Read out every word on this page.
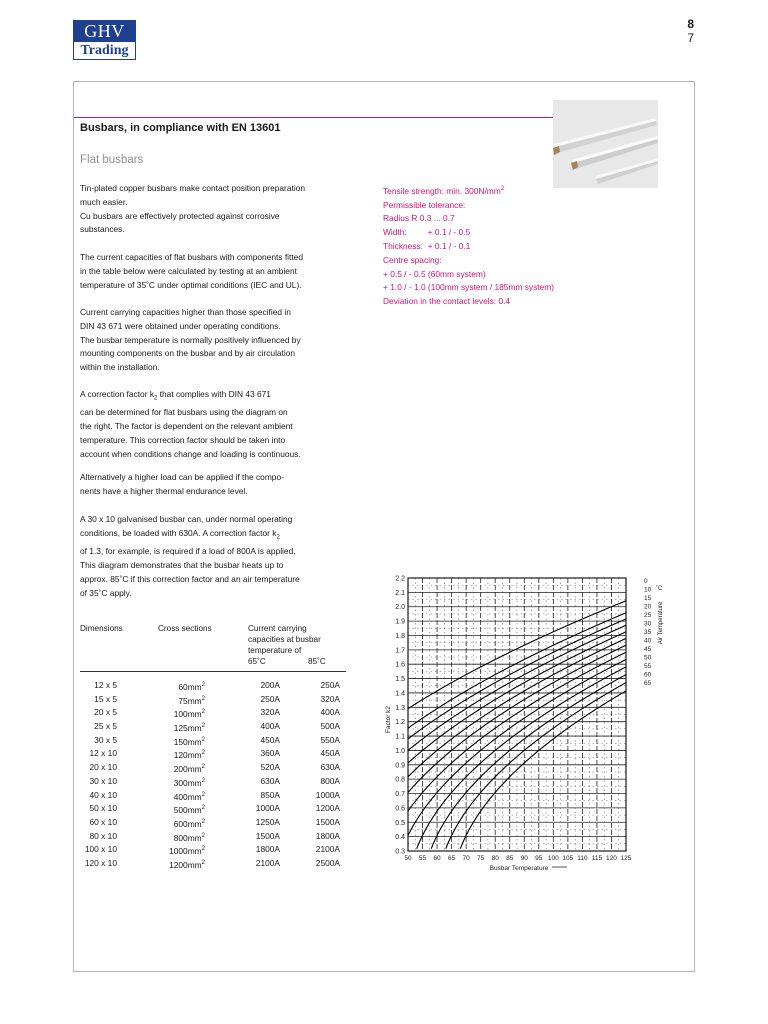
GHV
Trading
8
7
Busbars, in compliance with EN 13601
Flat busbars
Tin-plated copper busbars make contact position preparation
much easier.
Cu busbars are effectively protected against corrosive
substances.
The current capacities of flat busbars with components fitted
in the table below were calculated by testing at an ambient
temperature of 35˚C under optimal conditions (IEC and UL).
Current carrying capacities higher than those specified in
DIN 43 671 were obtained under operating conditions.
The busbar temperature is normally positively influenced by
mounting components on the busbar and by air circulation
within the installation.
A correction factor $k_2$ that complies with DIN 43 671
can be determined for flat busbars using the diagram on
the right. The factor is dependent on the relevant ambient
temperature. This correction factor should be taken into
account when conditions change and loading is continuous.
Alternatively a higher load can be applied if the compo-
nents have a higher thermal endurance level.
A 30 x 10 galvanised busbar can, under normal operating
conditions, be loaded with 630A. A correction factor $k_2$
of 1.3, for example, is required if a load of 800A is applied.
This diagram demonstrates that the busbar heats up to
approx. 85˚C if this correction factor and an air temperature
of 35˚C apply.
Tensile strength: min. $300N/mm^2$
Permissible tolerance:
Radius R 0.3 ... 0.7
Width:         + 0.1 / - 0.5
Thickness:  + 0.1 / - 0.1
Centre spacing:
+ 0.5 / - 0.5 (60mm system)
+ 1.0 / - 1.0 (100mm system / 185mm system)
Deviation in the contact levels: 0.4
Dimensions	Cross sections	Current carrying
capacities at busbar
temperature of
65˚C	85˚C
12 x 5	$60mm^2$	200A	250A
15 x 5	$75mm^2$	250A	320A
20 x 5	$100mm^2$	320A	400A
25 x 5	$125mm^2$	400A	500A
30 x 5	$150mm^2$	450A	550A
12 x 10	$120mm^2$	360A	450A
20 x 10	$200mm^2$	520A	630A
30 x 10	$300mm^2$	630A	800A
40 x 10	$400mm^2$	850A	1000A
50 x 10	$500mm^2$	1000A	1200A
60 x 10	$600mm^2$	1250A	1500A
80 x 10	$800mm^2$	1500A	1800A
100 x 10	$1000mm^2$	1800A	2100A
120 x 10	$1200mm^2$	2100A	2500A	50 55 60 65 70 75 80 85 90 95 100 105 110 115 120 125
0.3
0.4
0.5
0.6
0.7
0.8
0.9
1.0
1.1
1.2
1.3
1.4
1.5
1.6
1.7
1.8
1.9
2.0
2.1
2.2
Busbar Temperature
Factor k2
0
10
15
20
25
30
35
40
45
50
55
60
65
˚C
Air Temperature
